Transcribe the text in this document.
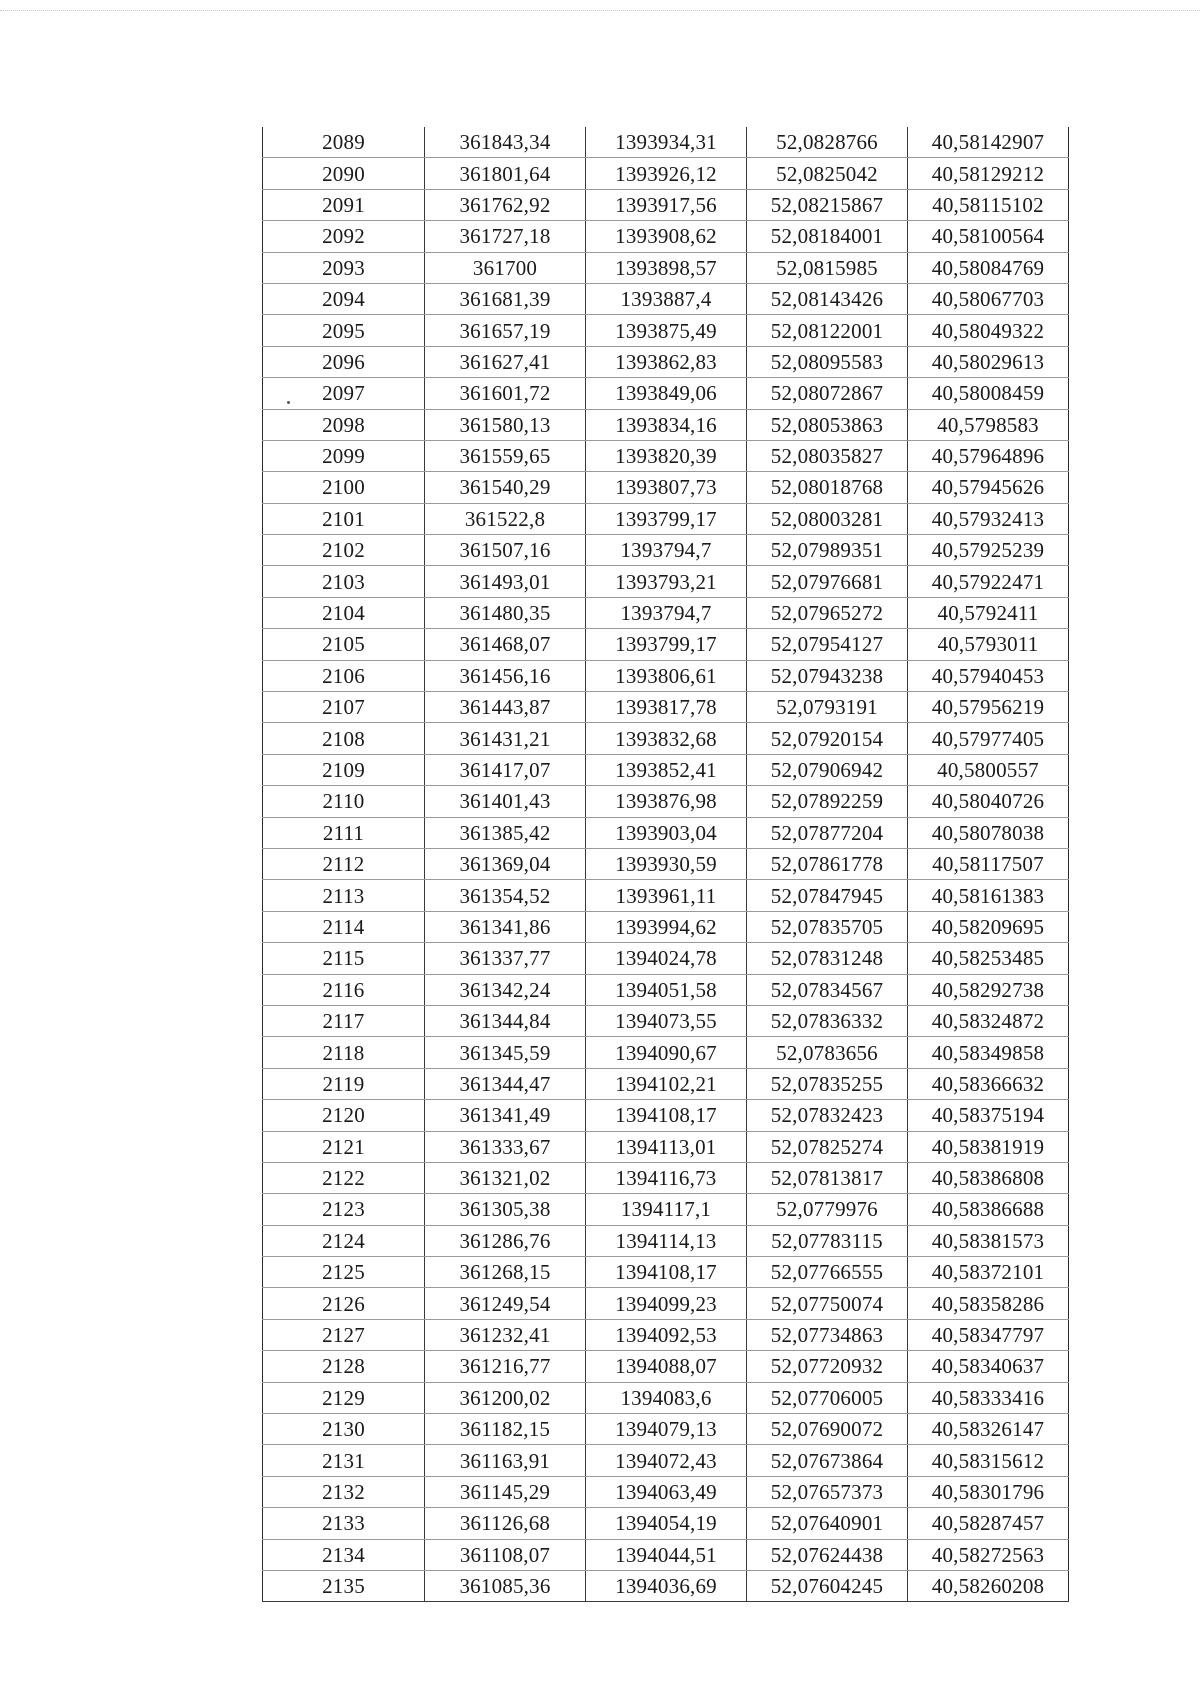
2089	361843,34	1393934,31	52,0828766	40,58142907
2090	361801,64	1393926,12	52,0825042	40,58129212
2091	361762,92	1393917,56	52,08215867	40,58115102
2092	361727,18	1393908,62	52,08184001	40,58100564
2093	361700	1393898,57	52,0815985	40,58084769
2094	361681,39	1393887,4	52,08143426	40,58067703
2095	361657,19	1393875,49	52,08122001	40,58049322
2096	361627,41	1393862,83	52,08095583	40,58029613
2097	361601,72	1393849,06	52,08072867	40,58008459
2098	361580,13	1393834,16	52,08053863	40,5798583
2099	361559,65	1393820,39	52,08035827	40,57964896
2100	361540,29	1393807,73	52,08018768	40,57945626
2101	361522,8	1393799,17	52,08003281	40,57932413
2102	361507,16	1393794,7	52,07989351	40,57925239
2103	361493,01	1393793,21	52,07976681	40,57922471
2104	361480,35	1393794,7	52,07965272	40,5792411
2105	361468,07	1393799,17	52,07954127	40,5793011
2106	361456,16	1393806,61	52,07943238	40,57940453
2107	361443,87	1393817,78	52,0793191	40,57956219
2108	361431,21	1393832,68	52,07920154	40,57977405
2109	361417,07	1393852,41	52,07906942	40,5800557
2110	361401,43	1393876,98	52,07892259	40,58040726
2111	361385,42	1393903,04	52,07877204	40,58078038
2112	361369,04	1393930,59	52,07861778	40,58117507
2113	361354,52	1393961,11	52,07847945	40,58161383
2114	361341,86	1393994,62	52,07835705	40,58209695
2115	361337,77	1394024,78	52,07831248	40,58253485
2116	361342,24	1394051,58	52,07834567	40,58292738
2117	361344,84	1394073,55	52,07836332	40,58324872
2118	361345,59	1394090,67	52,0783656	40,58349858
2119	361344,47	1394102,21	52,07835255	40,58366632
2120	361341,49	1394108,17	52,07832423	40,58375194
2121	361333,67	1394113,01	52,07825274	40,58381919
2122	361321,02	1394116,73	52,07813817	40,58386808
2123	361305,38	1394117,1	52,0779976	40,58386688
2124	361286,76	1394114,13	52,07783115	40,58381573
2125	361268,15	1394108,17	52,07766555	40,58372101
2126	361249,54	1394099,23	52,07750074	40,58358286
2127	361232,41	1394092,53	52,07734863	40,58347797
2128	361216,77	1394088,07	52,07720932	40,58340637
2129	361200,02	1394083,6	52,07706005	40,58333416
2130	361182,15	1394079,13	52,07690072	40,58326147
2131	361163,91	1394072,43	52,07673864	40,58315612
2132	361145,29	1394063,49	52,07657373	40,58301796
2133	361126,68	1394054,19	52,07640901	40,58287457
2134	361108,07	1394044,51	52,07624438	40,58272563
2135	361085,36	1394036,69	52,07604245	40,58260208
